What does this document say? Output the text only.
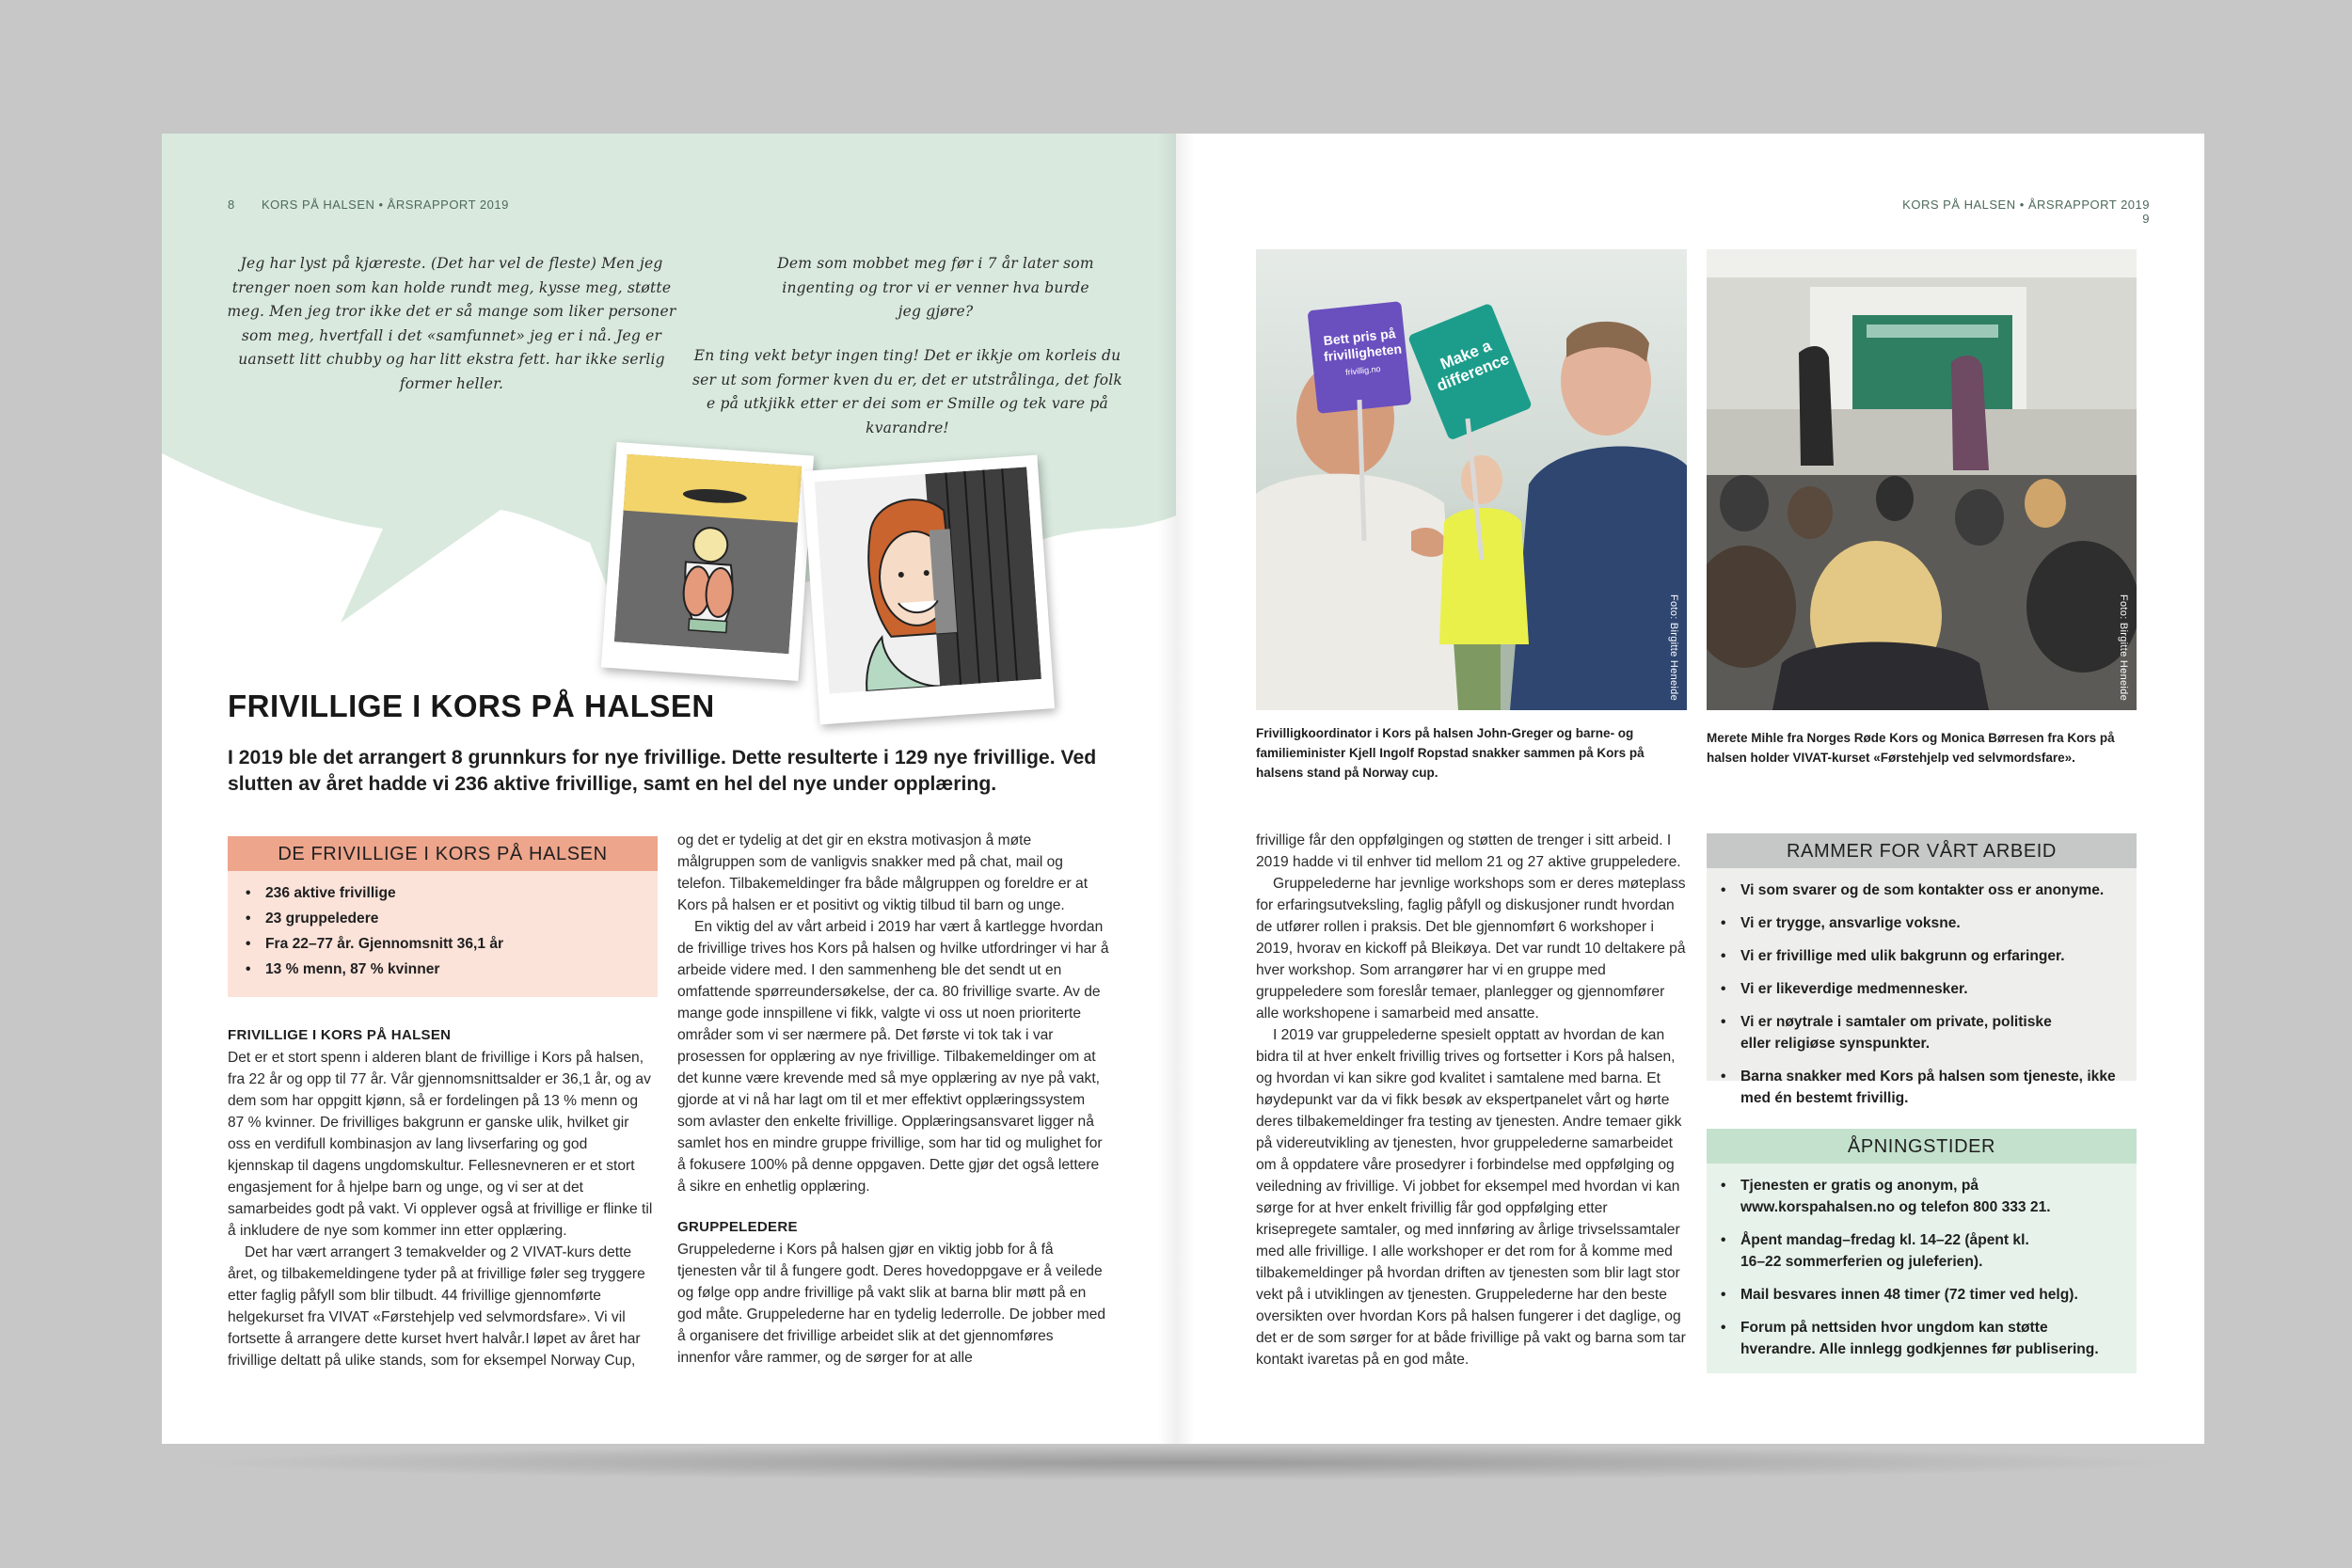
8 KORS PÅ HALSEN • ÅRSRAPPORT 2019
Jeg har lyst på kjæreste. (Det har vel de fleste) Men jeg trenger noen som kan holde rundt meg, kysse meg, støtte meg. Men jeg tror ikke det er så mange som liker personer som meg, hvertfall i det «samfunnet» jeg er i nå. Jeg er uansett litt chubby og har litt ekstra fett. har ikke serlig former heller.
Dem som mobbet meg før i 7 år later som ingenting og tror vi er venner hva burde jeg gjøre?
En ting vekt betyr ingen ting! Det er ikkje om korleis du ser ut som former kven du er, det er utstrålinga, det folk e på utkjikk etter er dei som er Smille og tek vare på kvarandre!
FRIVILLIGE I KORS PÅ HALSEN

I 2019 ble det arrangert 8 grunnkurs for nye frivillige. Dette resulterte i 129 nye frivillige. Ved slutten av året hadde vi 236 aktive frivillige, samt en hel del nye under opplæring.

DE FRIVILLIGE I KORS PÅ HALSEN
• 236 aktive frivillige
• 23 gruppeledere
• Fra 22–77 år. Gjennomsnitt 36,1 år
• 13 % menn, 87 % kvinner
FRIVILLIGE I KORS PÅ HALSEN

Det er et stort spenn i alderen blant de frivillige i Kors på halsen, fra 22 år og opp til 77 år. Vår gjennomsnittsalder er 36,1 år, og av dem som har oppgitt kjønn, så er fordelingen på 13 % menn og 87 % kvinner. De frivilliges bakgrunn er ganske ulik, hvilket gir oss en verdifull kombinasjon av lang livserfaring og god kjennskap til dagens ungdomskultur. Fellesnevneren er et stort engasjement for å hjelpe barn og unge, og vi ser at det samarbeides godt på vakt. Vi opplever også at frivillige er flinke til å inkludere de nye som kommer inn etter opplæring.

Det har vært arrangert 3 temakvelder og 2 VIVAT-kurs dette året, og tilbakemeldingene tyder på at frivillige føler seg tryggere etter faglig påfyll som blir tilbudt. 44 frivillige gjennomførte helgekurset fra VIVAT «Førstehjelp ved selvmordsfare». Vi vil fortsette å arrangere dette kurset hvert halvår.I løpet av året har frivillige deltatt på ulike stands, som for eksempel Norway Cup,

og det er tydelig at det gir en ekstra motivasjon å møte målgruppen som de vanligvis snakker med på chat, mail og telefon. Tilbakemeldinger fra både målgruppen og foreldre er at Kors på halsen er et positivt og viktig tilbud til barn og unge.

En viktig del av vårt arbeid i 2019 har vært å kartlegge hvordan de frivillige trives hos Kors på halsen og hvilke utfordringer vi har å arbeide videre med. I den sammenheng ble det sendt ut en omfattende spørreundersøkelse, der ca. 80 frivillige svarte. Av de mange gode innspillene vi fikk, valgte vi oss ut noen prioriterte områder som vi ser nærmere på. Det første vi tok tak i var prosessen for opplæring av nye frivillige. Tilbakemeldinger om at det kunne være krevende med så mye opplæring av nye på vakt, gjorde at vi nå har lagt om til et mer effektivt opplæringssystem som avlaster den enkelte frivillige. Opplæringsansvaret ligger nå samlet hos en mindre gruppe frivillige, som har tid og mulighet for å fokusere 100% på denne oppgaven. Dette gjør det også lettere å sikre en enhetlig opplæring.

GRUPPELEDERE

Gruppelederne i Kors på halsen gjør en viktig jobb for å få tjenesten vår til å fungere godt. Deres hovedoppgave er å veilede og følge opp andre frivillige på vakt slik at barna blir møtt på en god måte. Gruppelederne har en tydelig lederrolle. De jobber med å organisere det frivillige arbeidet slik at det gjennomføres innenfor våre rammer, og de sørger for at alle

KORS PÅ HALSEN • ÅRSRAPPORT 2019  9
Bett pris på frivilligheten
frivillig.no	Make a difference
Foto: Birgitte Heneide

Frivilligkoordinator i Kors på halsen John-Greger og barne- og familieminister Kjell Ingolf Ropstad snakker sammen på Kors på halsens stand på Norway cup.

Foto: Birgitte Heneide

Merete Mihle fra Norges Røde Kors og Monica Børresen fra Kors på halsen holder VIVAT-kurset «Førstehjelp ved selvmordsfare».

frivillige får den oppfølgingen og støtten de trenger i sitt arbeid. I 2019 hadde vi til enhver tid mellom 21 og 27 aktive gruppeledere.

Gruppelederne har jevnlige workshops som er deres møteplass for erfaringsutveksling, faglig påfyll og diskusjoner rundt hvordan de utfører rollen i praksis. Det ble gjennomført 6 workshoper i 2019, hvorav en kickoff på Bleikøya. Det var rundt 10 deltakere på hver workshop. Som arrangører har vi en gruppe med gruppeledere som foreslår temaer, planlegger og gjennomfører alle workshopene i samarbeid med ansatte.

I 2019 var gruppelederne spesielt opptatt av hvordan de kan bidra til at hver enkelt frivillig trives og fortsetter i Kors på halsen, og hvordan vi kan sikre god kvalitet i samtalene med barna. Et høydepunkt var da vi fikk besøk av ekspertpanelet vårt og hørte deres tilbakemeldinger fra testing av tjenesten. Andre temaer gikk på videreutvikling av tjenesten, hvor gruppelederne samarbeidet om å oppdatere våre prosedyrer i forbindelse med oppfølging og veiledning av frivillige. Vi jobbet for eksempel med hvordan vi kan sørge for at hver enkelt frivillig får god oppfølging etter krisepregete samtaler, og med innføring av årlige trivselssamtaler med alle frivillige. I alle workshoper er det rom for å komme med tilbakemeldinger på hvordan driften av tjenesten som blir lagt stor vekt på i utviklingen av tjenesten. Gruppelederne har den beste oversikten over hvordan Kors på halsen fungerer i det daglige, og det er de som sørger for at både frivillige på vakt og barna som tar kontakt ivaretas på en god måte.

RAMMER FOR VÅRT ARBEID
• Vi som svarer og de som kontakter oss er anonyme.
• Vi er trygge, ansvarlige voksne.
• Vi er frivillige med ulik bakgrunn og erfaringer.
• Vi er likeverdige medmennesker.
• Vi er nøytrale i samtaler om private, politiske eller religiøse synspunkter.
• Barna snakker med Kors på halsen som tjeneste, ikke med én bestemt frivillig.
ÅPNINGSTIDER
• Tjenesten er gratis og anonym, på www.korspahalsen.no og telefon 800 333 21.
• Åpent mandag–fredag kl. 14–22 (åpent kl. 16–22 sommerferien og juleferien).
• Mail besvares innen 48 timer (72 timer ved helg).
• Forum på nettsiden hvor ungdom kan støtte hverandre. Alle innlegg godkjennes før publisering.
